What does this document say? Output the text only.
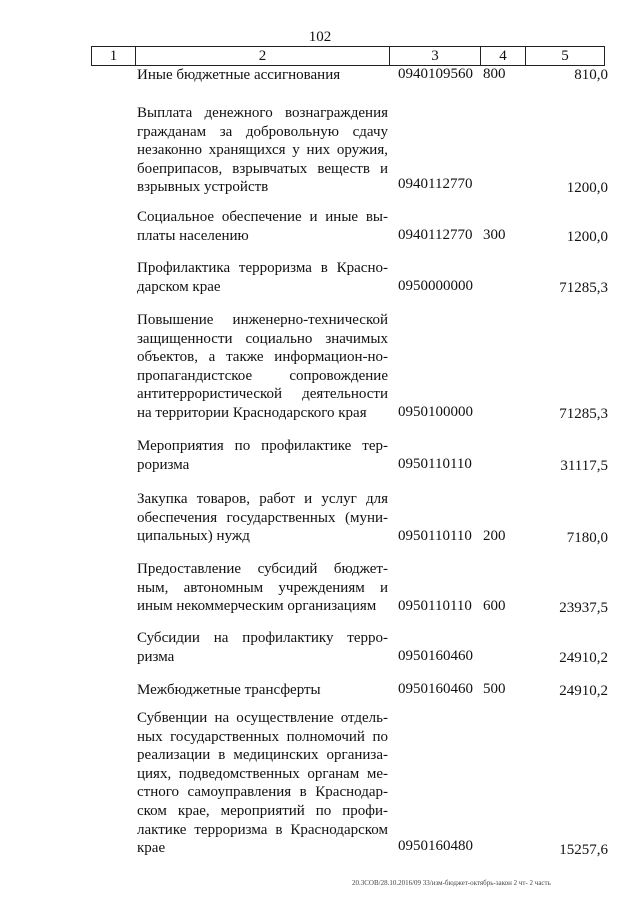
102
1	2	3	4	5
Иные бюджетные ассигнования	0940109560 800	810,0
Выплата денежного вознаграждения гражданам за добровольную сдачу незаконно хранящихся у них оружия, боеприпасов, взрывчатых веществ и взрывных устройств	0940112770	1200,0
Социальное обеспечение и иные вы-платы населению	0940112770 300	1200,0
Профилактика терроризма в Красно-дарском крае	0950000000	71285,3
Повышение инженерно-технической защищенности социально значимых объектов, а также информацион-но-пропагандистское сопровождение антитеррористической деятельности на территории Краснодарского края	0950100000	71285,3
Мероприятия по профилактике тер-роризма	0950110110	31117,5
Закупка товаров, работ и услуг для обеспечения государственных (муни-ципальных) нужд	0950110110 200	7180,0
Предоставление субсидий бюджет-ным, автономным учреждениям и иным некоммерческим организациям	0950110110 600	23937,5
Субсидии на профилактику терро-ризма	0950160460	24910,2
Межбюджетные трансферты	0950160460 500	24910,2
Субвенции на осуществление отдель-ных государственных полномочий по реализации в медицинских организа-циях, подведомственных органам ме-стного самоуправления в Краснодар-ском крае, мероприятий по профи-лактике терроризма в Краснодарском крае	0950160480	15257,6
20.3СОВ/28.10.2016/09 33/изм-бюджет-октябрь-закон 2 чт- 2 часть
